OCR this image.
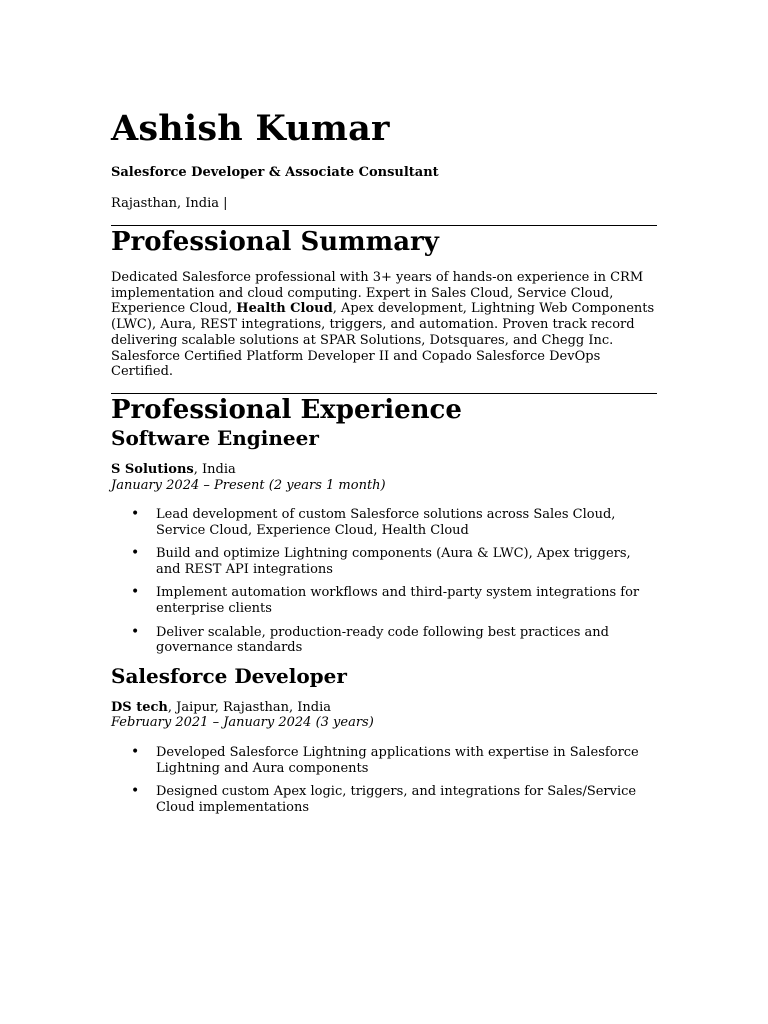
Ashish Kumar
Salesforce Developer & Associate Consultant
Rajasthan, India |
Professional Summary

Dedicated Salesforce professional with 3+ years of hands-on experience in CRM implementation and cloud computing. Expert in Sales Cloud, Service Cloud, Experience Cloud, Health Cloud, Apex development, Lightning Web Components (LWC), Aura, REST integrations, triggers, and automation. Proven track record delivering scalable solutions at SPAR Solutions, Dotsquares, and Chegg Inc. Salesforce Certified Platform Developer II and Copado Salesforce DevOps Certified.

Professional Experience
Software Engineer
S Solutions, India
January 2024 – Present (2 years 1 month)
• Lead development of custom Salesforce solutions across Sales Cloud, Service Cloud, Experience Cloud, Health Cloud
• Build and optimize Lightning components (Aura & LWC), Apex triggers, and REST API integrations
• Implement automation workflows and third-party system integrations for enterprise clients
• Deliver scalable, production-ready code following best practices and governance standards
Salesforce Developer
DS tech, Jaipur, Rajasthan, India
February 2021 – January 2024 (3 years)
• Developed Salesforce Lightning applications with expertise in Salesforce Lightning and Aura components
• Designed custom Apex logic, triggers, and integrations for Sales/Service Cloud implementations
